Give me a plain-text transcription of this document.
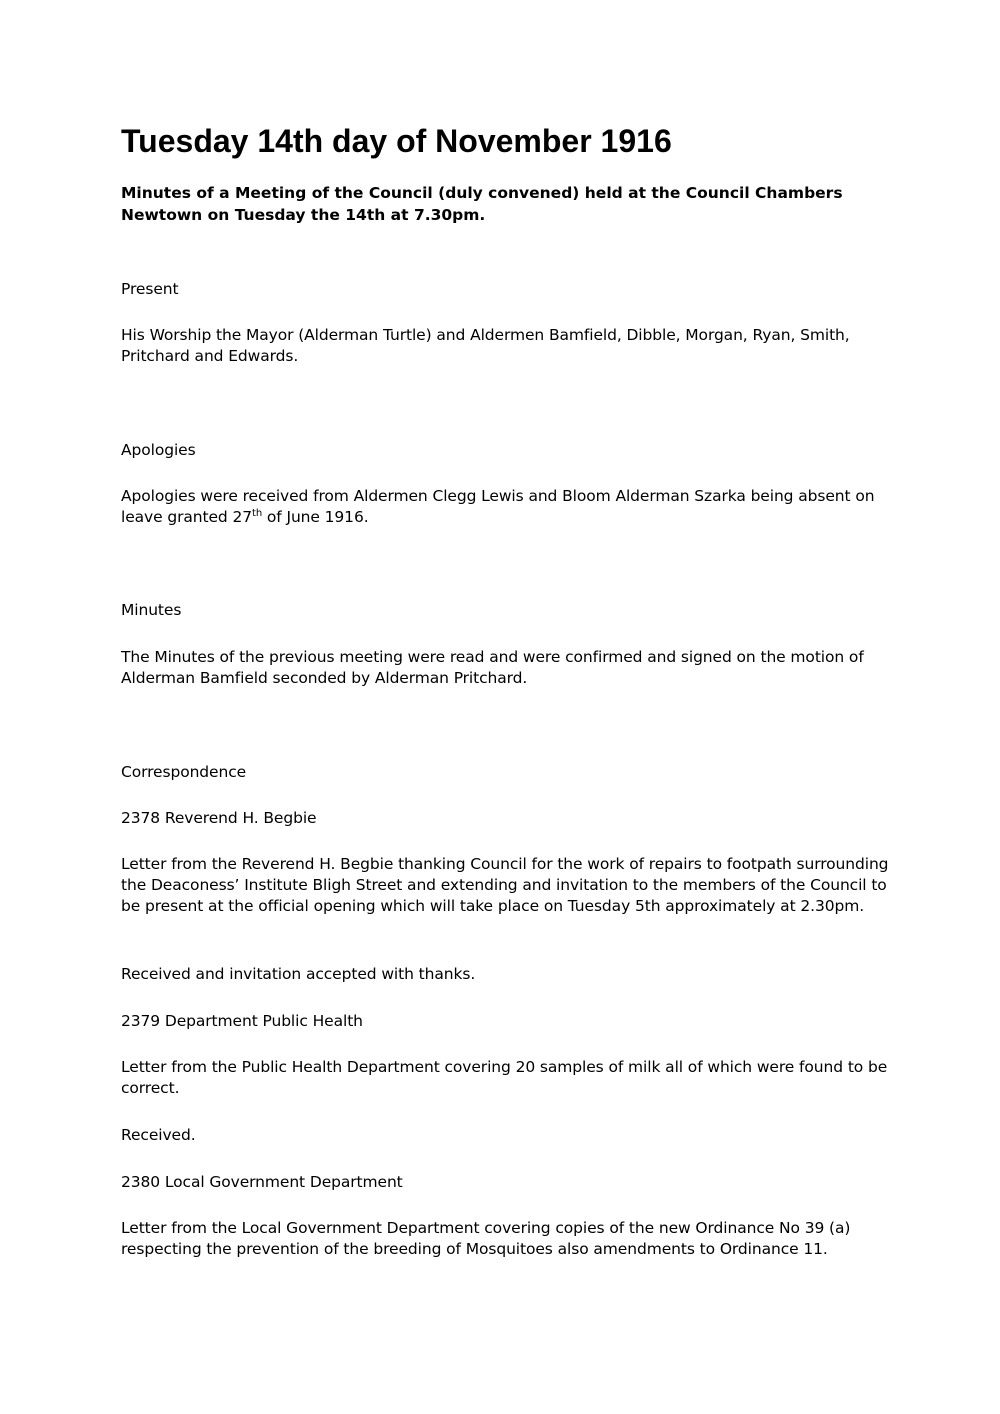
Tuesday 14th day of November 1916

Minutes of a Meeting of the Council (duly convened) held at the Council Chambers Newtown on Tuesday the 14th at 7.30pm.

Present

His Worship the Mayor (Alderman Turtle) and Aldermen Bamfield, Dibble, Morgan, Ryan, Smith, Pritchard and Edwards.

Apologies

Apologies were received from Aldermen Clegg Lewis and Bloom Alderman Szarka being absent on leave granted 27th of June 1916.

Minutes

The Minutes of the previous meeting were read and were confirmed and signed on the motion of Alderman Bamfield seconded by Alderman Pritchard.

Correspondence

2378 Reverend H. Begbie

Letter from the Reverend H. Begbie thanking Council for the work of repairs to footpath surrounding the Deaconess’ Institute Bligh Street and extending and invitation to the members of the Council to be present at the official opening which will take place on Tuesday 5th approximately at 2.30pm.

Received and invitation accepted with thanks.

2379 Department Public Health

Letter from the Public Health Department covering 20 samples of milk all of which were found to be correct.

Received.

2380 Local Government Department

Letter from the Local Government Department covering copies of the new Ordinance No 39 (a) respecting the prevention of the breeding of Mosquitoes also amendments to Ordinance 11.
